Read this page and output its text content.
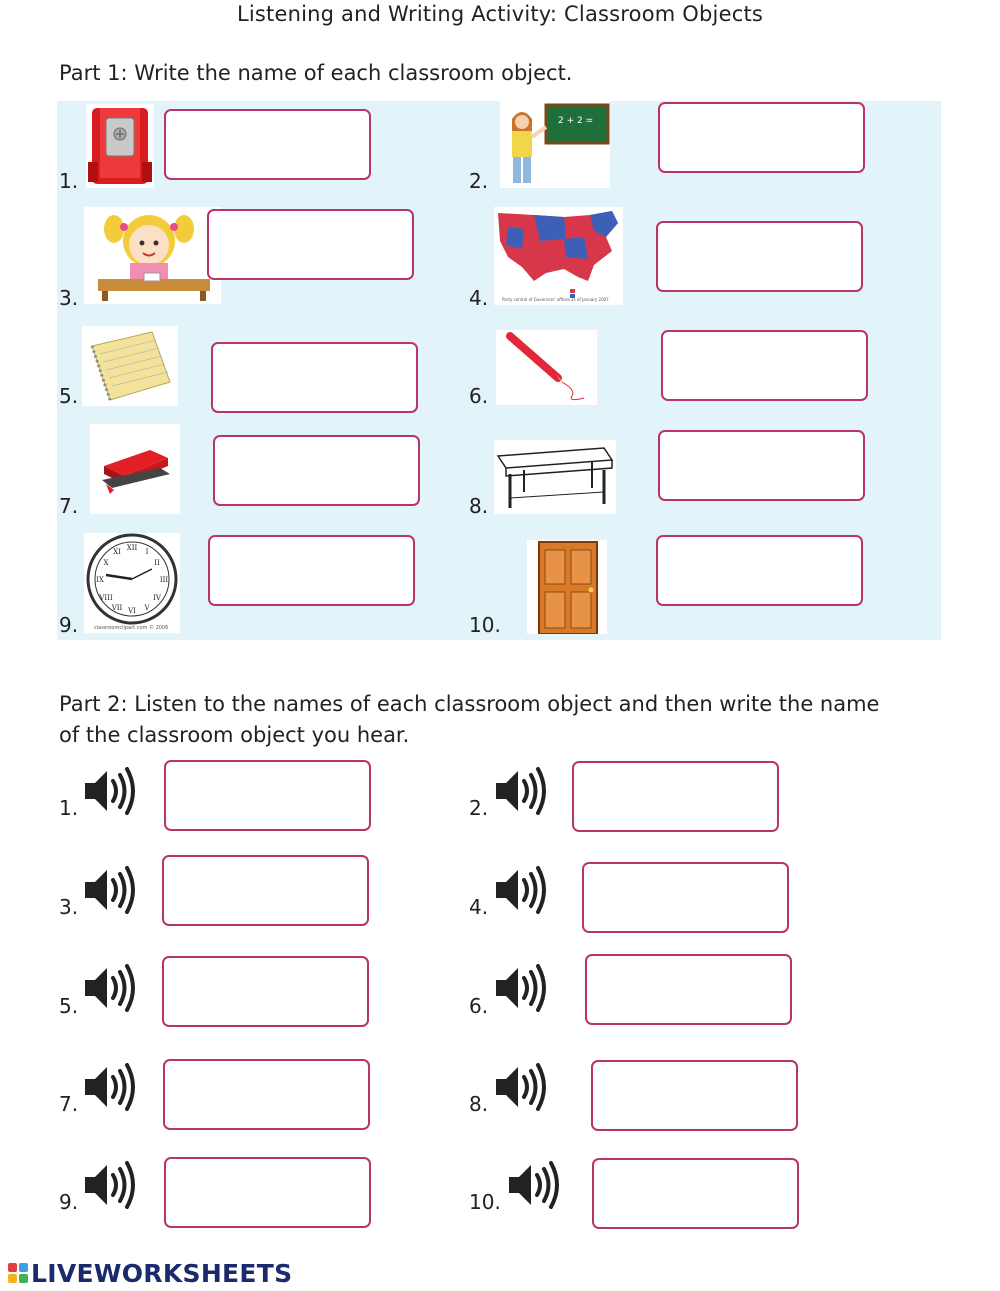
Listening and Writing Activity: Classroom Objects
Part 1: Write the name of each classroom object.
1.	2.
2 + 2 =
3.	4.	Party control of Governors' offices as of January 2007
5.	6.
7.	8.
9.
XII
III
VI
IX
I
II
IV
V
VII
VIII
X
XI
classroomclipart.com © 2006	10.
Part 2: Listen to the names of each classroom object and then write the name
of the classroom object you hear.
1.	2.
3.	4.
5.	6.
7.	8.
9.	10.
LIVEWORKSHEETS
